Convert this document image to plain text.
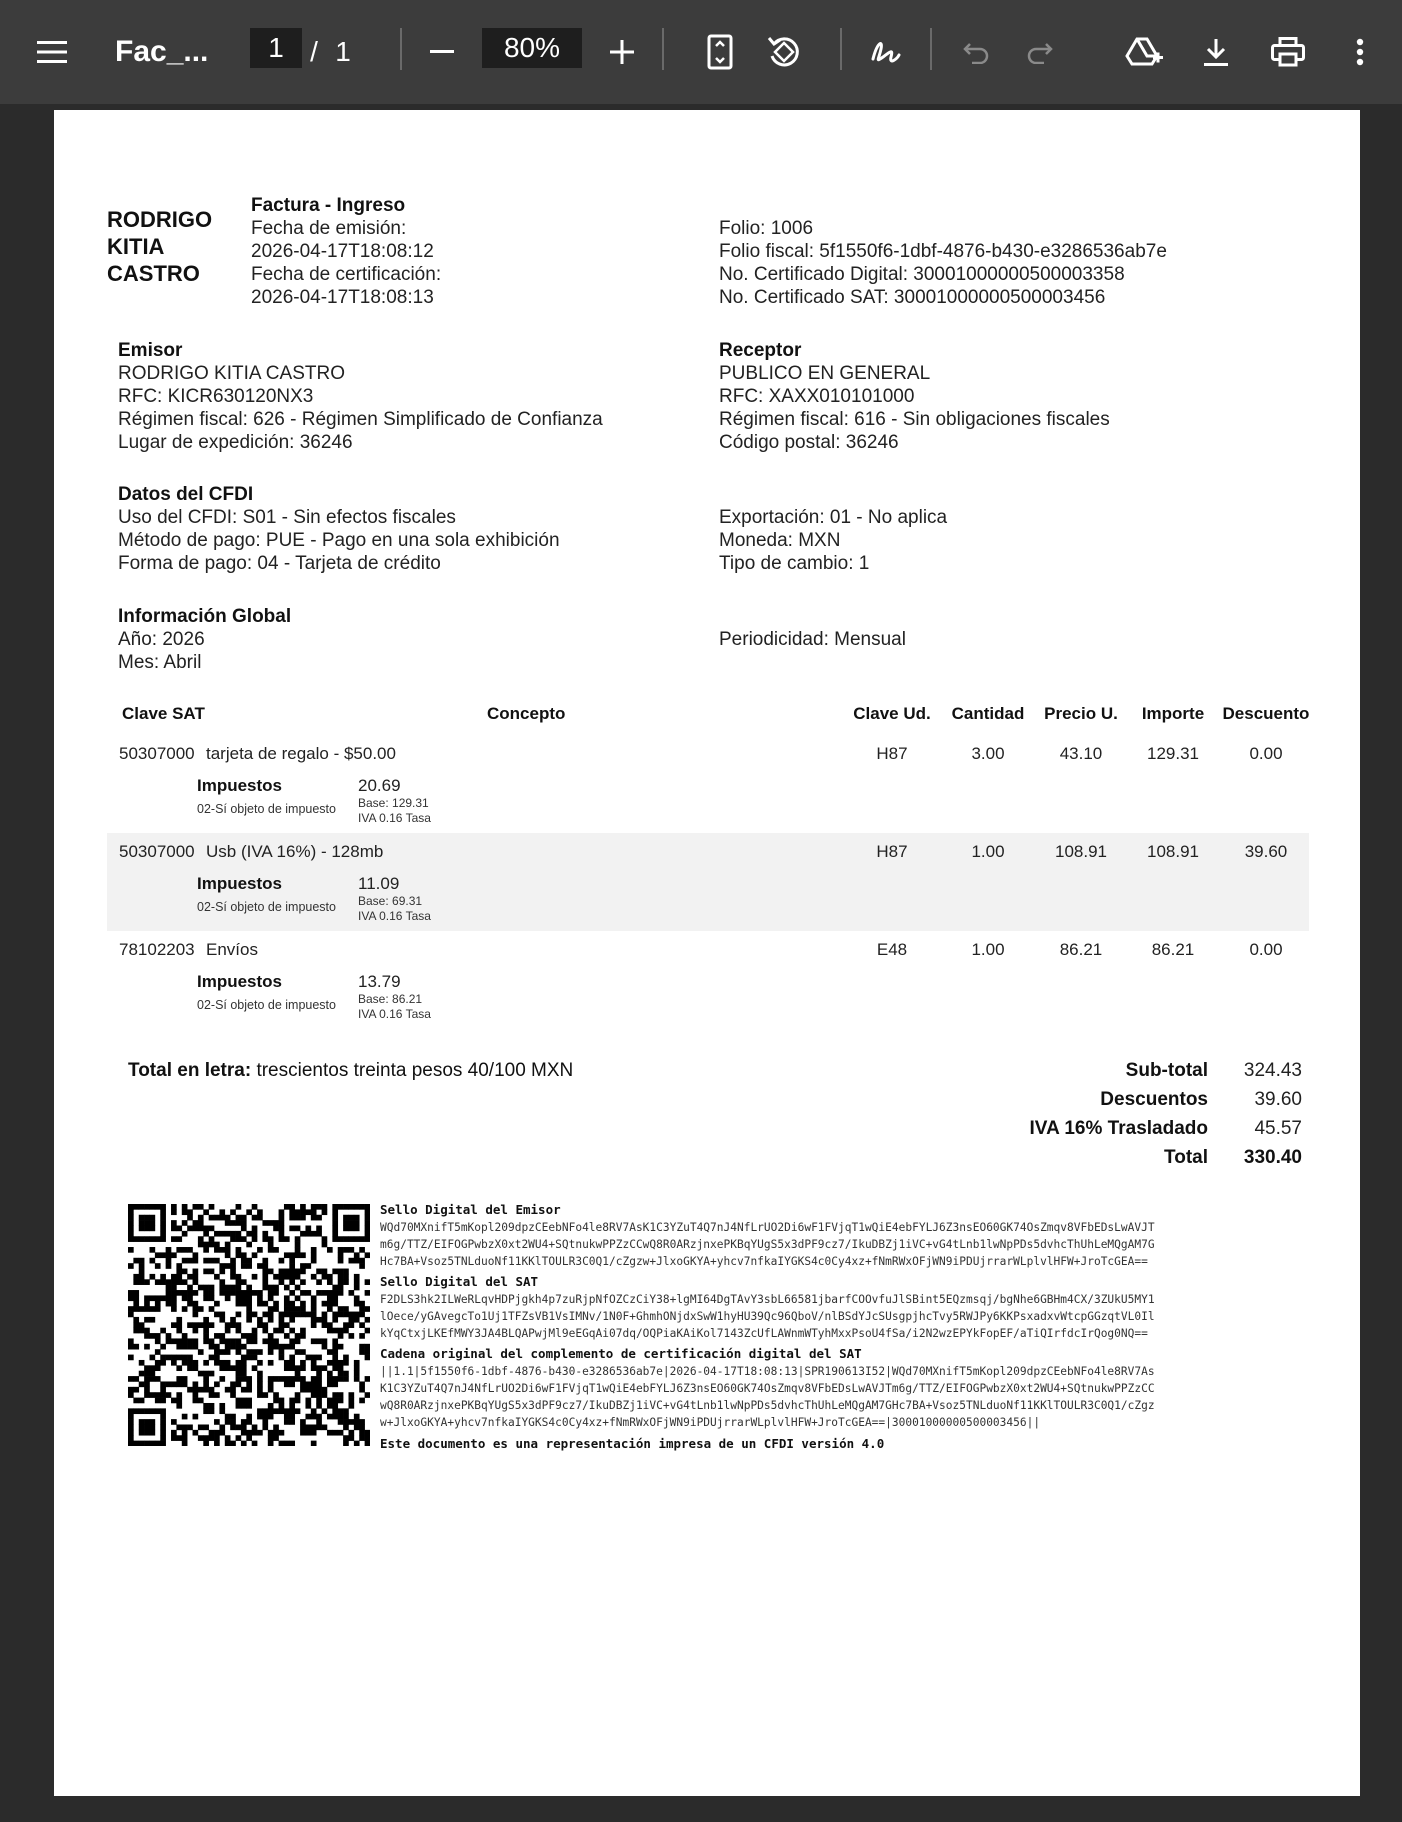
Fac_... 1 / 1	80%
RODRIGO
KITIA
CASTRO
Factura - Ingreso
Fecha de emisión:
2026-04-17T18:08:12
Fecha de certificación:
2026-04-17T18:08:13
Folio: 1006
Folio fiscal: 5f1550f6-1dbf-4876-b430-e3286536ab7e
No. Certificado Digital: 30001000000500003358
No. Certificado SAT: 30001000000500003456
Emisor
RODRIGO KITIA CASTRO
RFC: KICR630120NX3
Régimen fiscal: 626 - Régimen Simplificado de Confianza
Lugar de expedición: 36246
Receptor
PUBLICO EN GENERAL
RFC: XAXX010101000
Régimen fiscal: 616 - Sin obligaciones fiscales
Código postal: 36246
Datos del CFDI
Uso del CFDI: S01 - Sin efectos fiscales
Método de pago: PUE - Pago en una sola exhibición
Forma de pago: 04 - Tarjeta de crédito
Exportación: 01 - No aplica
Moneda: MXN
Tipo de cambio: 1
Información Global
Año: 2026
Mes: Abril
Periodicidad: Mensual
Clave SAT	Concepto	Clave Ud.	Cantidad	Precio U.	Importe	Descuento
50307000 tarjeta de regalo - $50.00	H87	3.00	43.10	129.31	0.00
Impuestos
02-Sí objeto de impuesto
20.69
Base: 129.31
IVA 0.16 Tasa
50307000 Usb (IVA 16%) - 128mb	H87	1.00	108.91	108.91	39.60
Impuestos
02-Sí objeto de impuesto
11.09
Base: 69.31
IVA 0.16 Tasa
78102203 Envíos	E48	1.00	86.21	86.21	0.00
Impuestos
02-Sí objeto de impuesto
13.79
Base: 86.21
IVA 0.16 Tasa
Total en letra: trescientos treinta pesos 40/100 MXN	Sub-total	324.43
Descuentos	39.60
IVA 16% Trasladado	45.57
Total	330.40
Sello Digital del Emisor
WQd70MXnifT5mKopl209dpzCEebNFo4le8RV7AsK1C3YZuT4Q7nJ4NfLrUO2Di6wF1FVjqT1wQiE4ebFYLJ6Z3nsEO60GK74OsZmqv8VFbEDsLwAVJT
m6g/TTZ/EIFOGPwbzX0xt2WU4+SQtnukwPPZzCCwQ8R0ARzjnxePKBqYUgS5x3dPF9cz7/IkuDBZj1iVC+vG4tLnb1lwNpPDs5dvhcThUhLeMQgAM7G
Hc7BA+Vsoz5TNLduoNf11KKlTOULR3C0Q1/cZgzw+JlxoGKYA+yhcv7nfkaIYGKS4c0Cy4xz+fNmRWxOFjWN9iPDUjrrarWLplvlHFW+JroTcGEA==
Sello Digital del SAT
F2DLS3hk2ILWeRLqvHDPjgkh4p7zuRjpNfOZCzCiY38+lgMI64DgTAvY3sbL66581jbarfCOOvfuJlSBint5EQzmsqj/bgNhe6GBHm4CX/3ZUkU5MY1
lOece/yGAvegcTo1Uj1TFZsVB1VsIMNv/1N0F+GhmhONjdxSwW1hyHU39Qc96QboV/nlBSdYJcSUsgpjhcTvy5RWJPy6KKPsxadxvWtcpGGzqtVL0Il
kYqCtxjLKEfMWY3JA4BLQAPwjMl9eEGqAi07dq/OQPiaKAiKol7143ZcUfLAWnmWTyhMxxPsoU4fSa/i2N2wzEPYkFopEF/aTiQIrfdcIrQog0NQ==
Cadena original del complemento de certificación digital del SAT
||1.1|5f1550f6-1dbf-4876-b430-e3286536ab7e|2026-04-17T18:08:13|SPR190613I52|WQd70MXnifT5mKopl209dpzCEebNFo4le8RV7As
K1C3YZuT4Q7nJ4NfLrUO2Di6wF1FVjqT1wQiE4ebFYLJ6Z3nsEO60GK74OsZmqv8VFbEDsLwAVJTm6g/TTZ/EIFOGPwbzX0xt2WU4+SQtnukwPPZzCC
wQ8R0ARzjnxePKBqYUgS5x3dPF9cz7/IkuDBZj1iVC+vG4tLnb1lwNpPDs5dvhcThUhLeMQgAM7GHc7BA+Vsoz5TNLduoNf11KKlTOULR3C0Q1/cZgz
w+JlxoGKYA+yhcv7nfkaIYGKS4c0Cy4xz+fNmRWxOFjWN9iPDUjrrarWLplvlHFW+JroTcGEA==|30001000000500003456||
Este documento es una representación impresa de un CFDI versión 4.0
